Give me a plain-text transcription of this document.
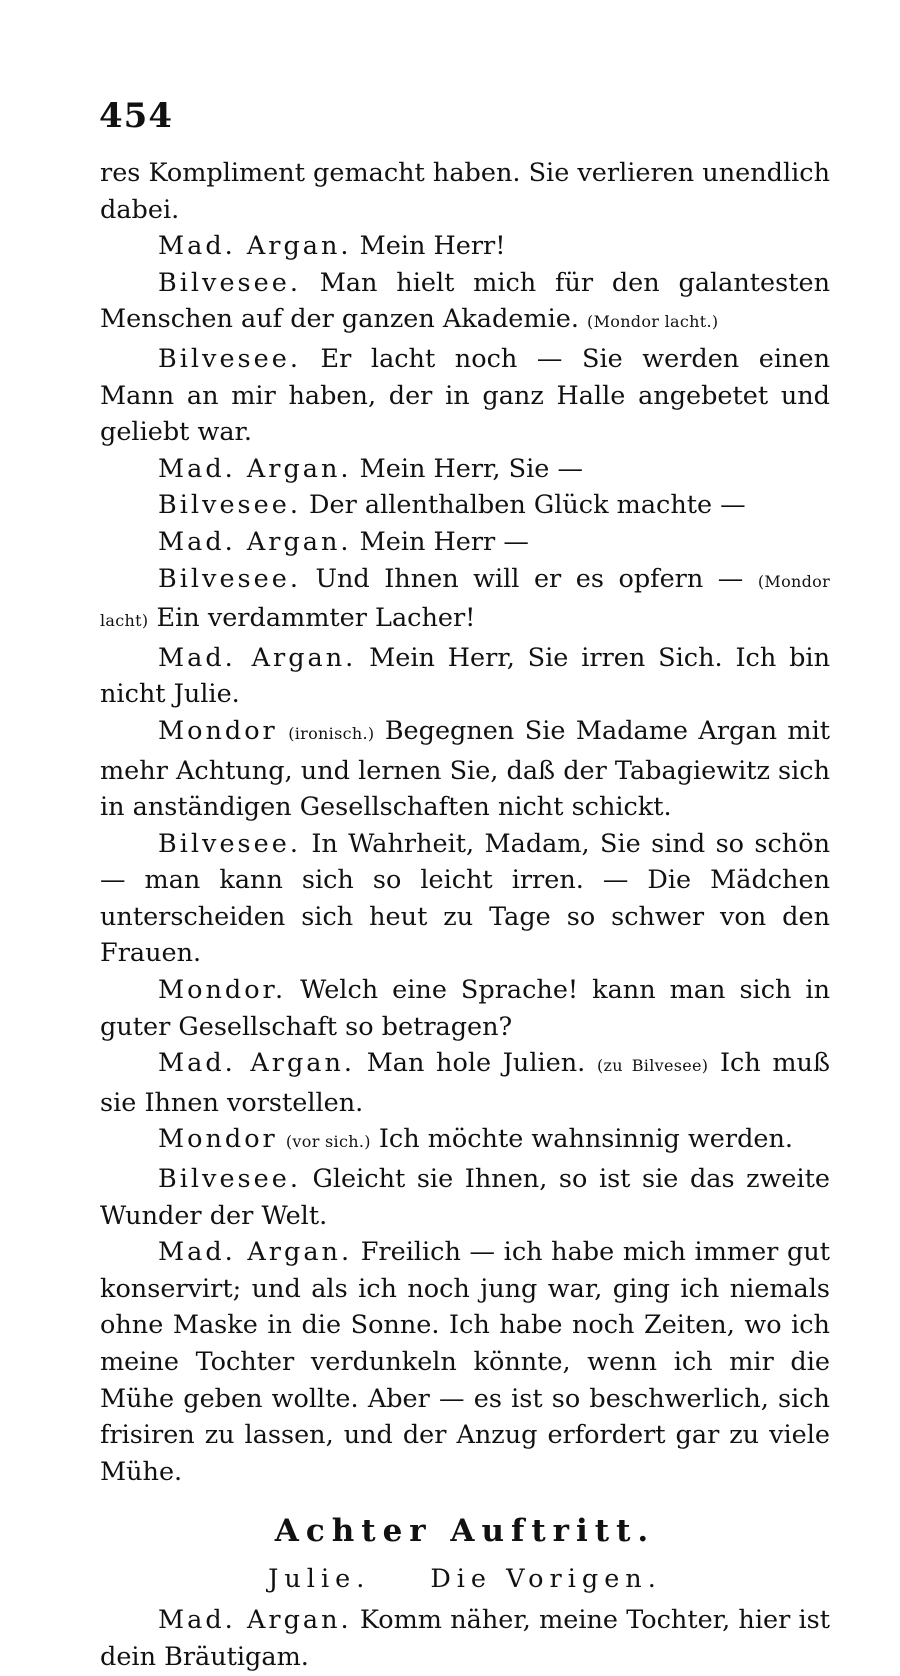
454

res Kompliment gemacht haben. Sie verlieren unendlich dabei.

Mad. Argan. Mein Herr!

Bilvesee. Man hielt mich für den galantesten Menschen auf der ganzen Akademie. (Mondor lacht.)

Bilvesee. Er lacht noch — Sie werden einen Mann an mir haben, der in ganz Halle angebetet und geliebt war.

Mad. Argan. Mein Herr, Sie —

Bilvesee. Der allenthalben Glück machte —

Mad. Argan. Mein Herr —

Bilvesee. Und Ihnen will er es opfern — (Mondor lacht) Ein verdammter Lacher!

Mad. Argan. Mein Herr, Sie irren Sich. Ich bin nicht Julie.

Mondor (ironisch.) Begegnen Sie Madame Argan mit mehr Achtung, und lernen Sie, daß der Tabagiewitz sich in anständigen Gesellschaften nicht schickt.

Bilvesee. In Wahrheit, Madam, Sie sind so schön — man kann sich so leicht irren. — Die Mädchen unterscheiden sich heut zu Tage so schwer von den Frauen.

Mondor. Welch eine Sprache! kann man sich in guter Gesellschaft so betragen?

Mad. Argan. Man hole Julien. (zu Bilvesee) Ich muß sie Ihnen vorstellen.

Mondor (vor sich.) Ich möchte wahnsinnig werden.

Bilvesee. Gleicht sie Ihnen, so ist sie das zweite Wunder der Welt.

Mad. Argan. Freilich — ich habe mich immer gut konservirt; und als ich noch jung war, ging ich niemals ohne Maske in die Sonne. Ich habe noch Zeiten, wo ich meine Tochter verdunkeln könnte, wenn ich mir die Mühe geben wollte. Aber — es ist so beschwerlich, sich frisiren zu lassen, und der Anzug erfordert gar zu viele Mühe.

Achter Auftritt.

Julie. Die Vorigen.

Mad. Argan. Komm näher, meine Tochter, hier ist dein Bräutigam.
